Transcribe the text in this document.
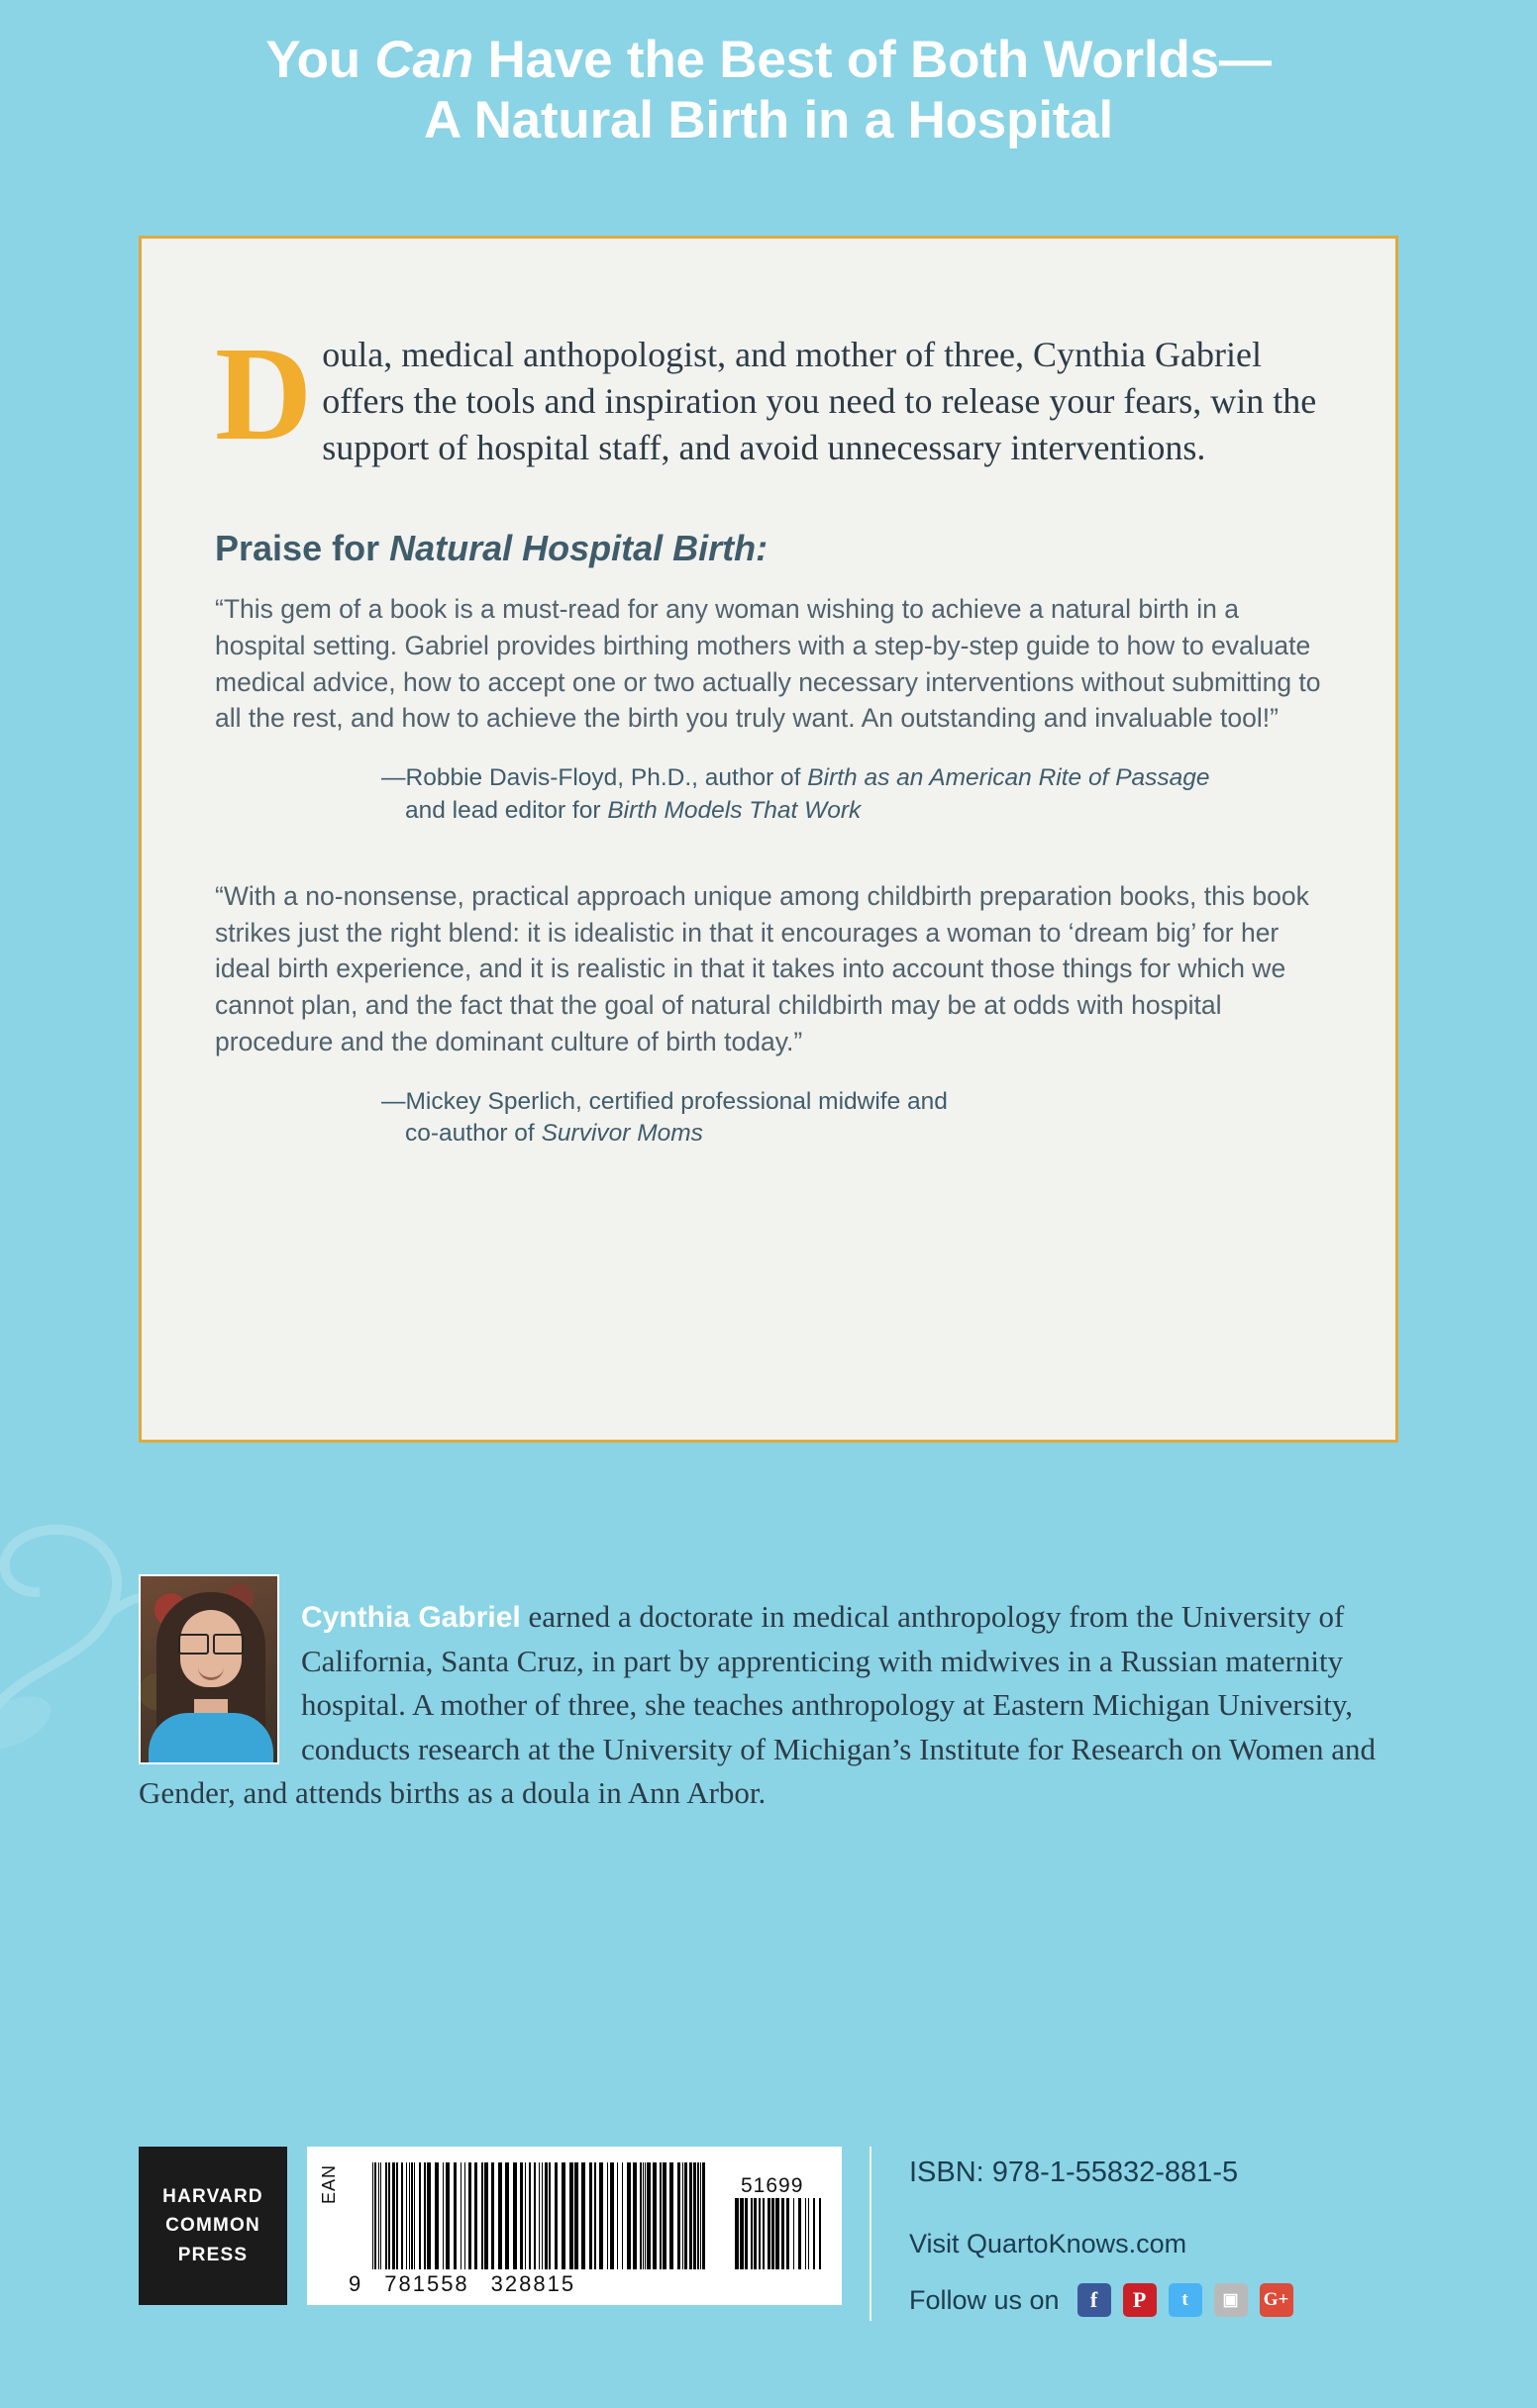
You Can Have the Best of Both Worlds—
A Natural Birth in a Hospital

Doula, medical anthopologist, and mother of three, Cynthia Gabriel offers the tools and inspiration you need to release your fears, win the support of hospital staff, and avoid unnecessary interventions.

Praise for Natural Hospital Birth:

“This gem of a book is a must-read for any woman wishing to achieve a natural birth in a hospital setting. Gabriel provides birthing mothers with a step-by-step guide to how to evaluate medical advice, how to accept one or two actually necessary interventions without submitting to all the rest, and how to achieve the birth you truly want. An outstanding and invaluable tool!”

—Robbie Davis-Floyd, Ph.D., author of Birth as an American Rite of Passage
and lead editor for Birth Models That Work

“With a no-nonsense, practical approach unique among childbirth preparation books, this book strikes just the right blend: it is idealistic in that it encourages a woman to ‘dream big’ for her ideal birth experience, and it is realistic in that it takes into account those things for which we cannot plan, and the fact that the goal of natural childbirth may be at odds with hospital procedure and the dominant culture of birth today.”

—Mickey Sperlich, certified professional midwife and
co-author of Survivor Moms

Cynthia Gabriel earned a doctorate in medical anthropology from the University of California, Santa Cruz, in part by apprenticing with midwives in a Russian maternity hospital. A mother of three, she teaches anthropology at Eastern Michigan University, conducts research at the University of Michigan’s Institute for Research on Women and Gender, and attends births as a doula in Ann Arbor.

HARVARD
COMMON
PRESS
EAN
9 781558 328815
51699	ISBN: 978-1-55832-881-5
Visit QuartoKnows.com
Follow us on	f	P	t	▣	G+
